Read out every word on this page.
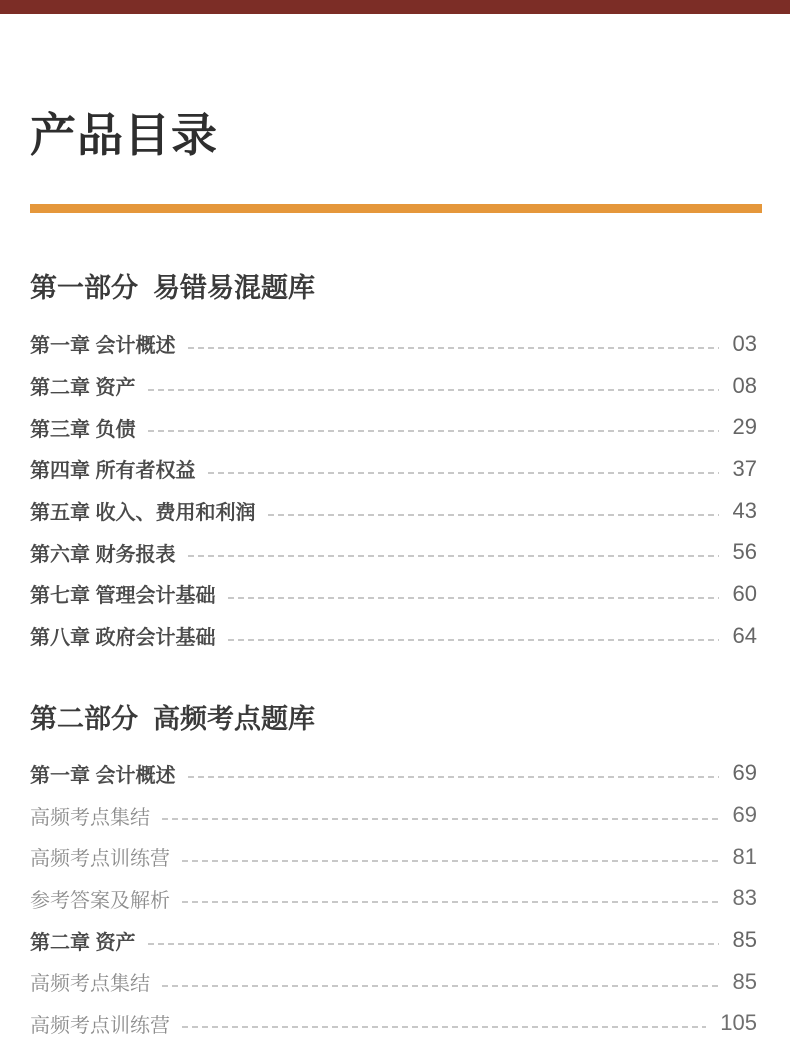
产品目录
第一部分  易错易混题库
第一章 会计概述	03
第二章 资产	08
第三章 负债	29
第四章 所有者权益	37
第五章 收入、费用和利润	43
第六章 财务报表	56
第七章 管理会计基础	60
第八章 政府会计基础	64
第二部分  高频考点题库
第一章 会计概述	69
高频考点集结	69
高频考点训练营	81
参考答案及解析	83
第二章 资产	85
高频考点集结	85
高频考点训练营	105
